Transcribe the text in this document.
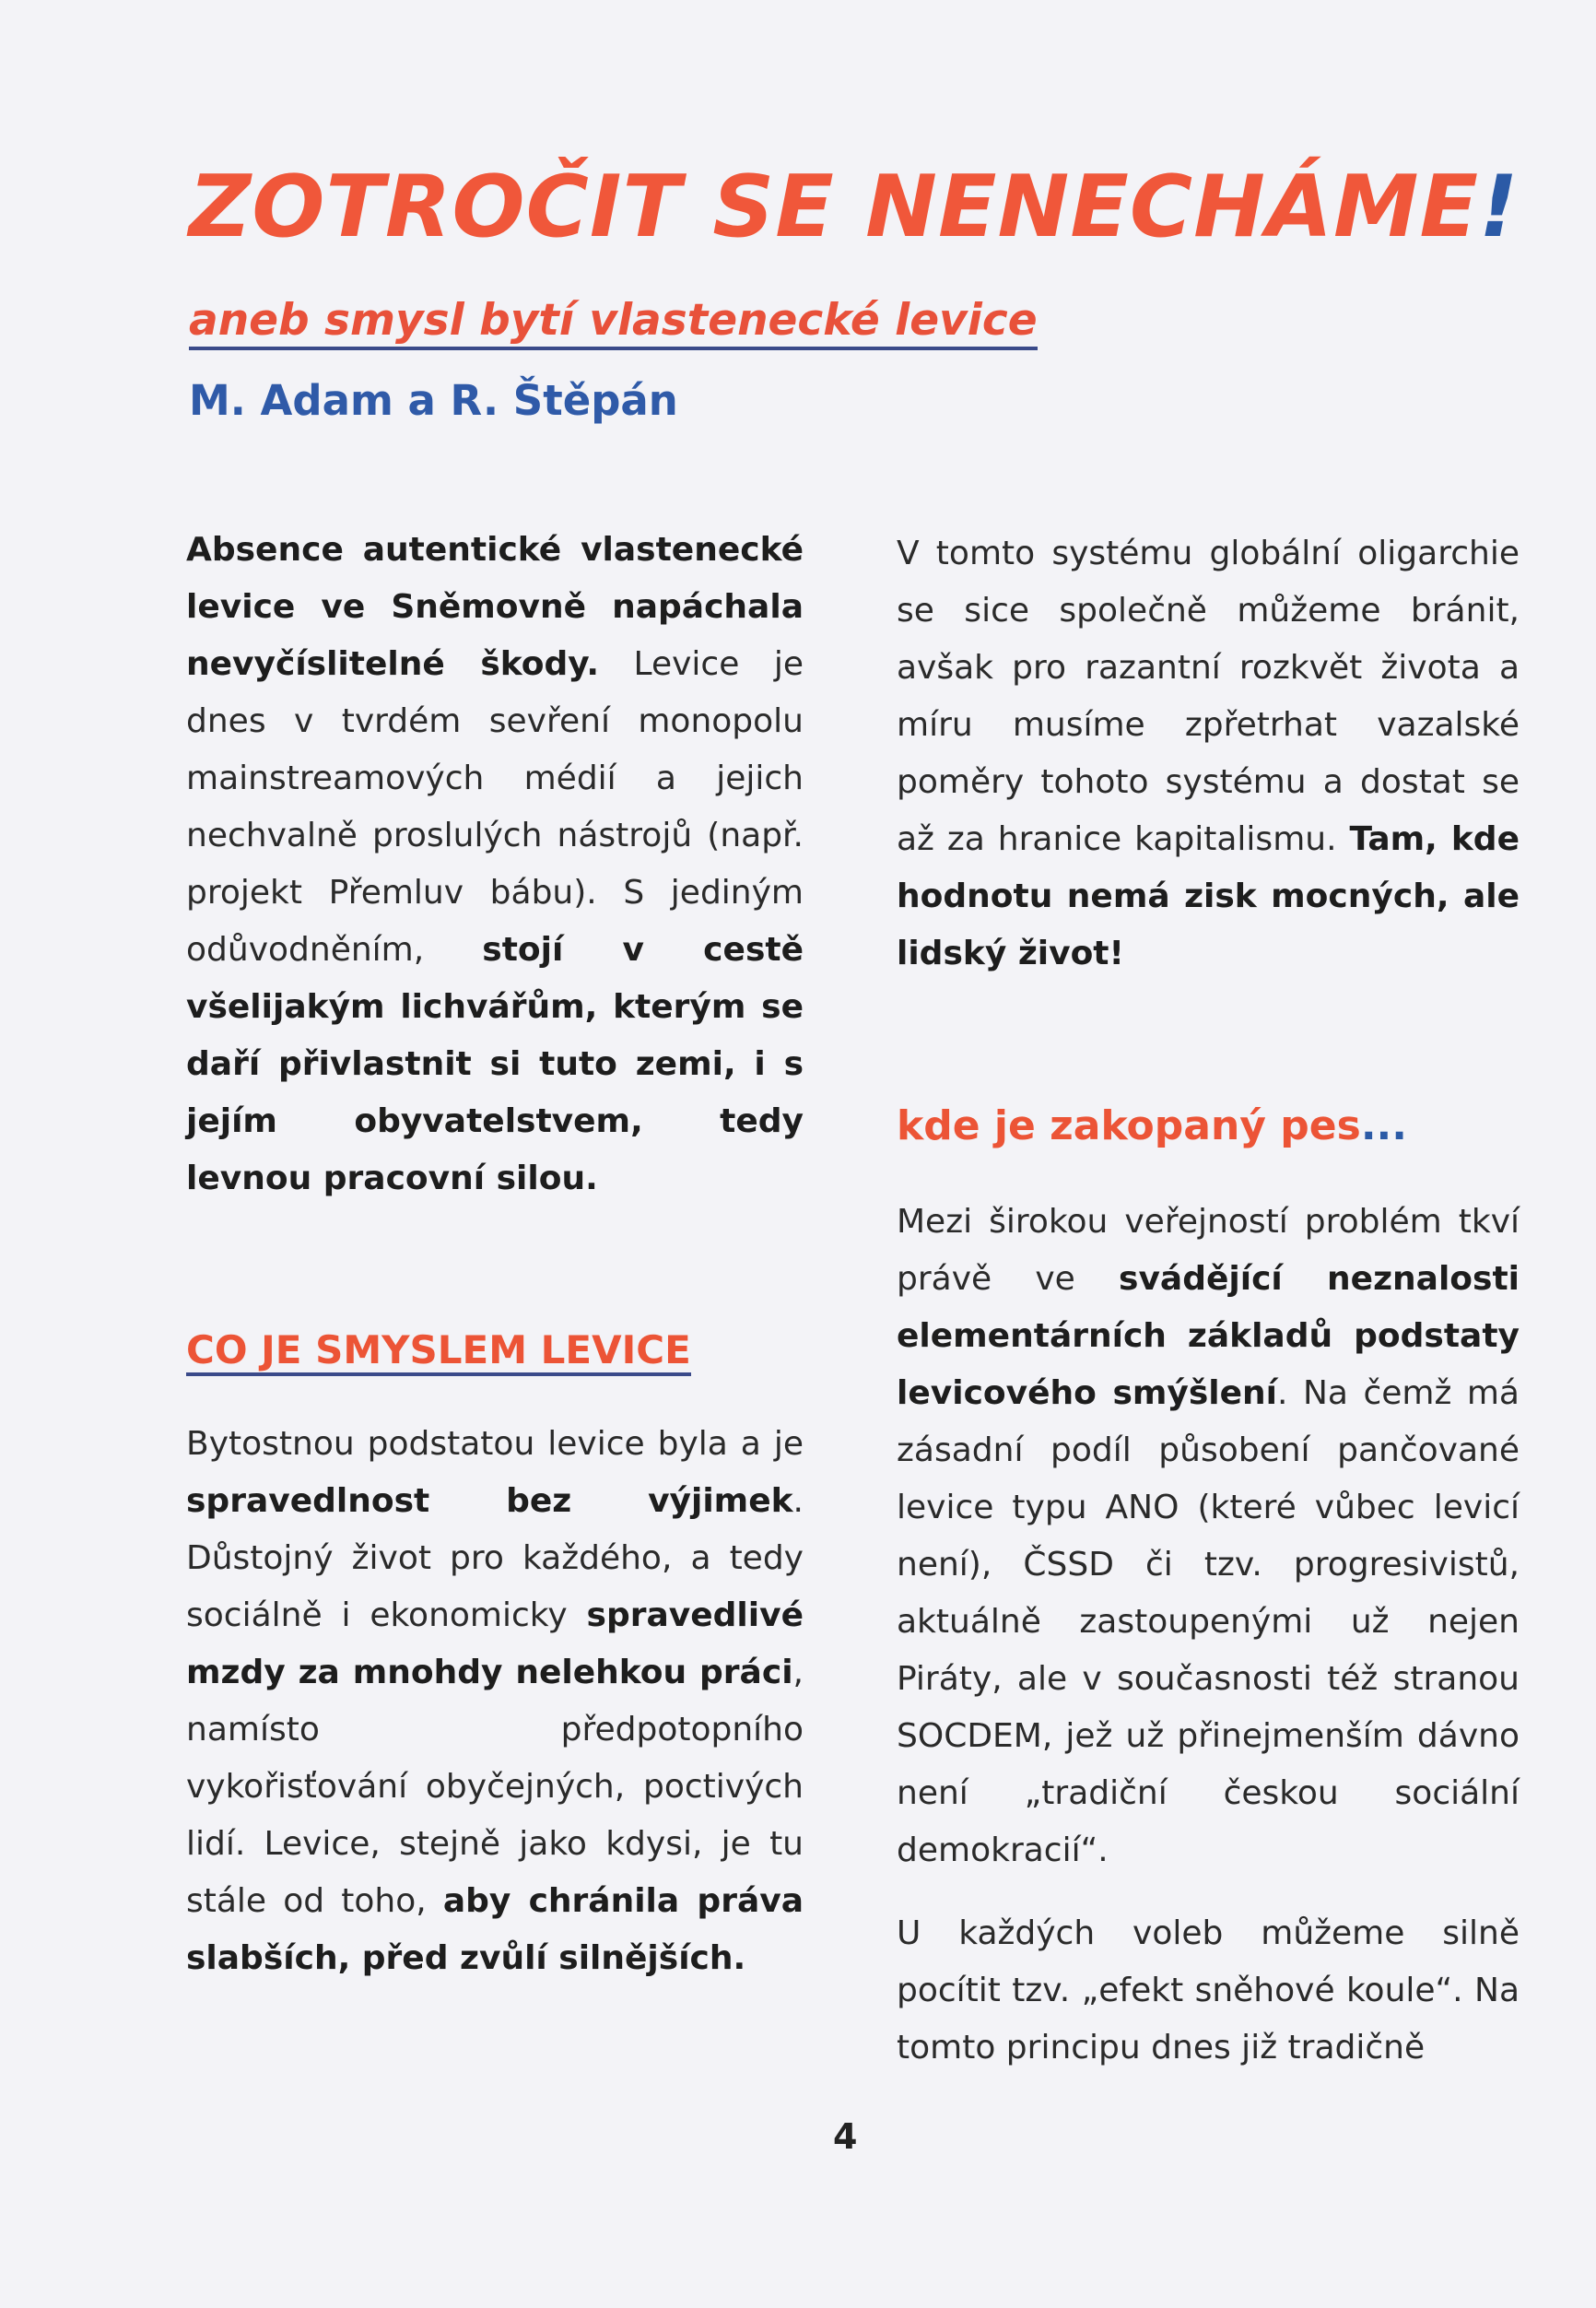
ZOTROČIT SE NENECHÁME!
aneb smysl bytí vlastenecké levice
M. Adam a R. Štěpán

Absence autentické vlastenecké levice ve Sněmovně napáchala nevyčíslitelné škody. Levice je dnes v tvrdém sevření monopolu mainstreamových médií a jejich nechvalně proslulých nástrojů (např. projekt Přemluv bábu). S jediným odůvodněním, stojí v cestě všelijakým lichvářům, kterým se daří přivlastnit si tuto zemi, i s jejím obyvatelstvem, tedy levnou pracovní silou.

CO JE SMYSLEM LEVICE

Bytostnou podstatou levice byla a je spravedlnost bez výjimek. Důstojný život pro každého, a tedy sociálně i ekonomicky spravedlivé mzdy za mnohdy nelehkou práci, namísto předpotopního vykořisťování obyčejných, poctivých lidí. Levice, stejně jako kdysi, je tu stále od toho, aby chránila práva slabších, před zvůlí silnějších.

V tomto systému globální oligarchie se sice společně můžeme bránit, avšak pro razantní rozkvět života a míru musíme zpřetrhat vazalské poměry tohoto systému a dostat se až za hranice kapitalismu. Tam, kde hodnotu nemá zisk mocných, ale lidský život!

kde je zakopaný pes...

Mezi širokou veřejností problém tkví právě ve svádějící neznalosti elementárních základů podstaty levicového smýšlení. Na čemž má zásadní podíl působení pančované levice typu ANO (které vůbec levicí není), ČSSD či tzv. progresivistů, aktuálně zastoupenými už nejen Piráty, ale v současnosti též stranou SOCDEM, jež už přinejmenším dávno není „tradiční českou sociální demokracií“.

U každých voleb můžeme silně pocítit tzv. „efekt sněhové koule“. Na tomto principu dnes již tradičně

4
